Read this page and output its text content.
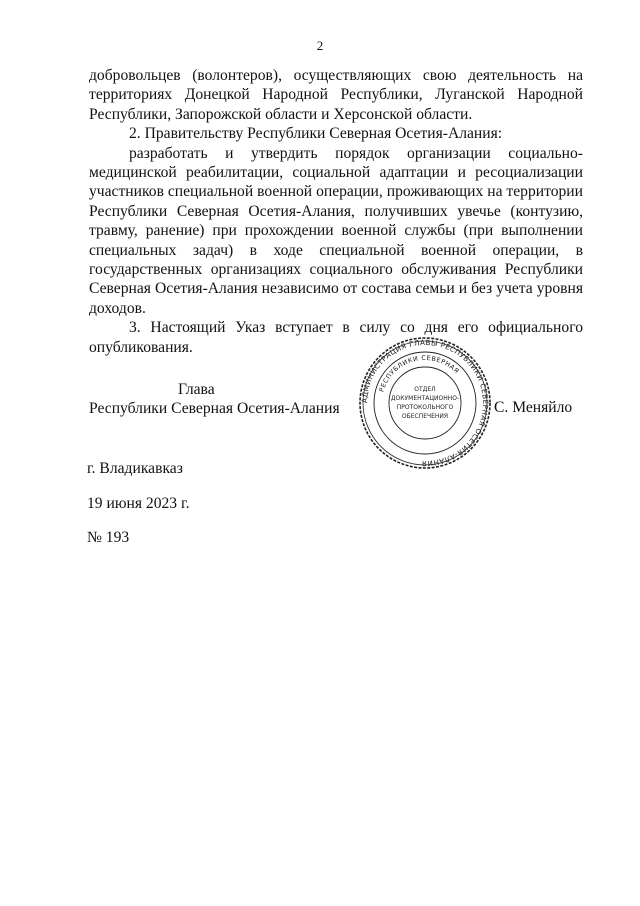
2

добровольцев (волонтеров), осуществляющих свою деятельность на территориях Донецкой Народной Республики, Луганской Народной Республики, Запорожской области и Херсонской области.

2. Правительству Республики Северная Осетия-Алания:

разработать и утвердить порядок организации социально-медицинской реабилитации, социальной адаптации и ресоциализации участников специальной военной операции, проживающих на территории Республики Северная Осетия-Алания, получивших увечье (контузию, травму, ранение) при прохождении военной службы (при выполнении специальных задач) в ходе специальной военной операции, в государственных организациях социального обслуживания Республики Северная Осетия-Алания независимо от состава семьи и без учета уровня доходов.

3. Настоящий Указ вступает в силу со дня его официального опубликования.

Глава
Республики Северная Осетия-Алания	АДМИНИСТРАЦИЯ ГЛАВЫ РЕСПУБЛИКИ СЕВЕРНАЯ ОСЕТИЯ-АЛАНИЯ
РЕСПУБЛИКИ СЕВЕРНАЯ
ОТДЕЛ
ДОКУМЕНТАЦИОННО-
ПРОТОКОЛЬНОГО
ОБЕСПЕЧЕНИЯ
С. Меняйло
г. Владикавказ
19 июня 2023 г.
№ 193
